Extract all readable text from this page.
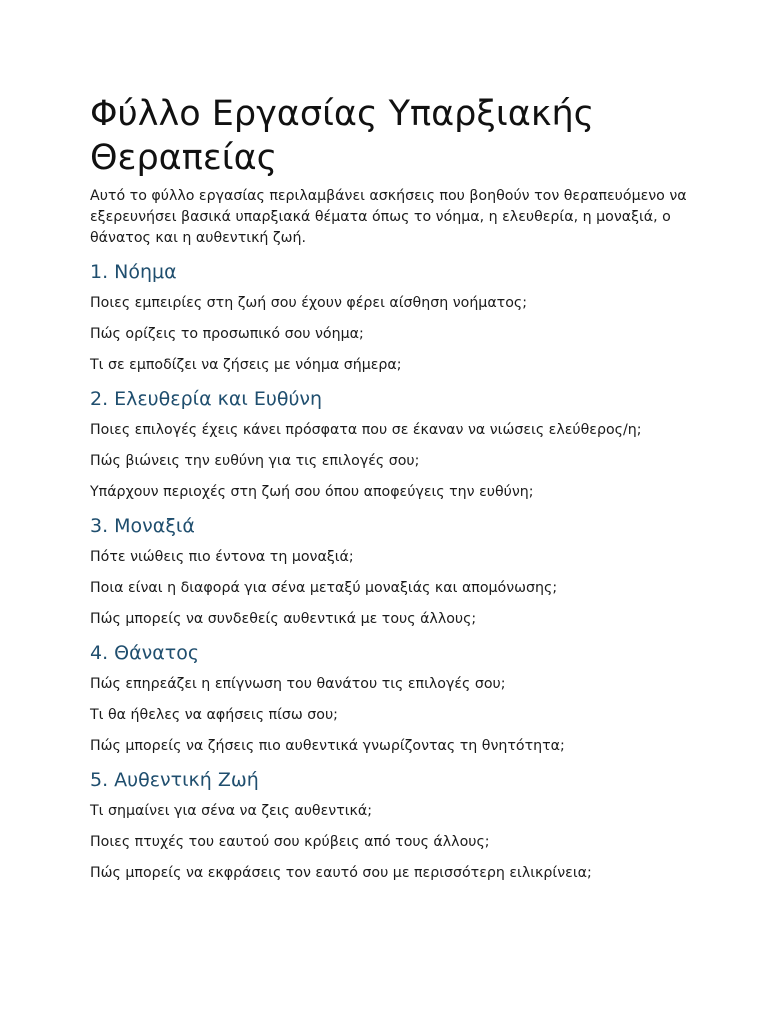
Φύλλο Εργασίας Υπαρξιακής Θεραπείας

Αυτό το φύλλο εργασίας περιλαμβάνει ασκήσεις που βοηθούν τον θεραπευόμενο να εξερευνήσει βασικά υπαρξιακά θέματα όπως το νόημα, η ελευθερία, η μοναξιά, ο θάνατος και η αυθεντική ζωή.

1. Νόημα

Ποιες εμπειρίες στη ζωή σου έχουν φέρει αίσθηση νοήματος;

Πώς ορίζεις το προσωπικό σου νόημα;

Τι σε εμποδίζει να ζήσεις με νόημα σήμερα;

2. Ελευθερία και Ευθύνη

Ποιες επιλογές έχεις κάνει πρόσφατα που σε έκαναν να νιώσεις ελεύθερος/η;

Πώς βιώνεις την ευθύνη για τις επιλογές σου;

Υπάρχουν περιοχές στη ζωή σου όπου αποφεύγεις την ευθύνη;

3. Μοναξιά

Πότε νιώθεις πιο έντονα τη μοναξιά;

Ποια είναι η διαφορά για σένα μεταξύ μοναξιάς και απομόνωσης;

Πώς μπορείς να συνδεθείς αυθεντικά με τους άλλους;

4. Θάνατος

Πώς επηρεάζει η επίγνωση του θανάτου τις επιλογές σου;

Τι θα ήθελες να αφήσεις πίσω σου;

Πώς μπορείς να ζήσεις πιο αυθεντικά γνωρίζοντας τη θνητότητα;

5. Αυθεντική Ζωή

Τι σημαίνει για σένα να ζεις αυθεντικά;

Ποιες πτυχές του εαυτού σου κρύβεις από τους άλλους;

Πώς μπορείς να εκφράσεις τον εαυτό σου με περισσότερη ειλικρίνεια;
